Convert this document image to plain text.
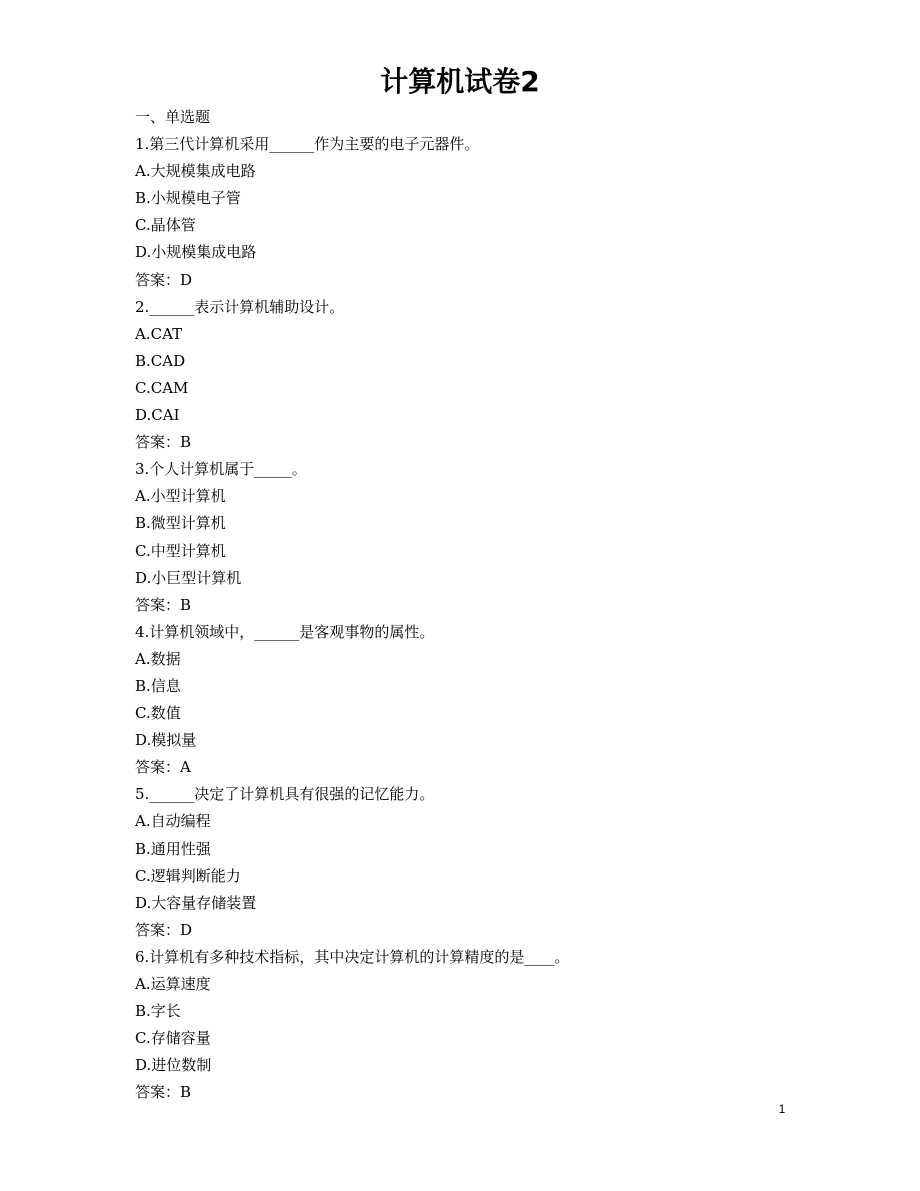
计算机试卷2
一、单选题
1.第三代计算机采用______作为主要的电子元器件。
A.大规模集成电路
B.小规模电子管
C.晶体管
D.小规模集成电路
答案：D
2.______表示计算机辅助设计。
A.CAT
B.CAD
C.CAM
D.CAI
答案：B
3.个人计算机属于_____。
A.小型计算机
B.微型计算机
C.中型计算机
D.小巨型计算机
答案：B
4.计算机领域中，______是客观事物的属性。
A.数据
B.信息
C.数值
D.模拟量
答案：A
5.______决定了计算机具有很强的记忆能力。
A.自动编程
B.通用性强
C.逻辑判断能力
D.大容量存储装置
答案：D
6.计算机有多种技术指标，其中决定计算机的计算精度的是____。
A.运算速度
B.字长
C.存储容量
D.进位数制
答案：B
1
